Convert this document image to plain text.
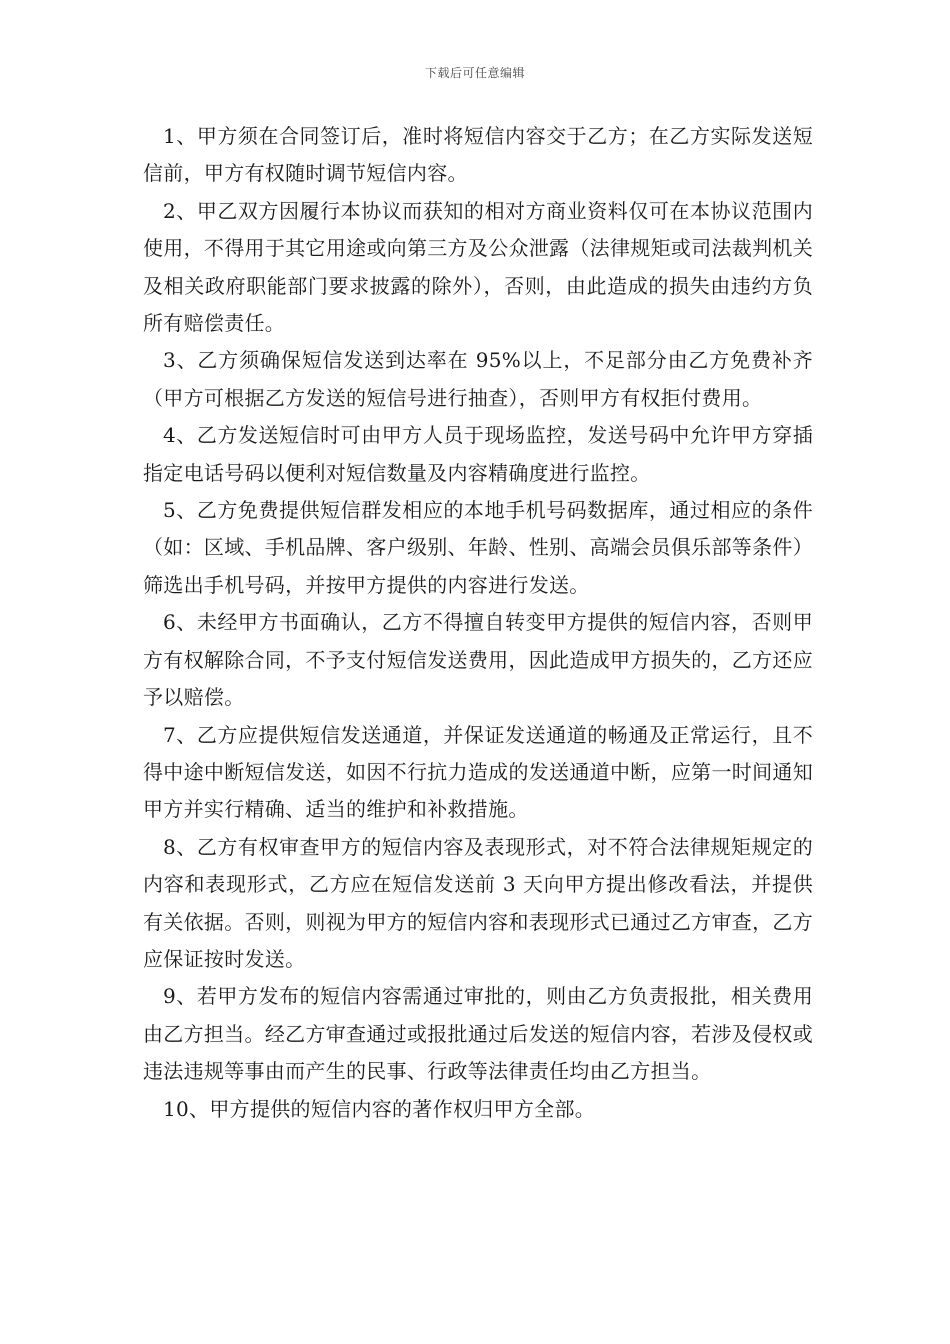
下载后可任意编辑

1、甲方须在合同签订后，准时将短信内容交于乙方；在乙方实际发送短信前，甲方有权随时调节短信内容。

2、甲乙双方因履行本协议而获知的相对方商业资料仅可在本协议范围内使用，不得用于其它用途或向第三方及公众泄露（法律规矩或司法裁判机关及相关政府职能部门要求披露的除外），否则，由此造成的损失由违约方负所有赔偿责任。

3、乙方须确保短信发送到达率在 95%以上，不足部分由乙方免费补齐（甲方可根据乙方发送的短信号进行抽查），否则甲方有权拒付费用。

4、乙方发送短信时可由甲方人员于现场监控，发送号码中允许甲方穿插指定电话号码以便利对短信数量及内容精确度进行监控。

5、乙方免费提供短信群发相应的本地手机号码数据库，通过相应的条件（如：区域、手机品牌、客户级别、年龄、性别、高端会员俱乐部等条件）筛选出手机号码，并按甲方提供的内容进行发送。

6、未经甲方书面确认，乙方不得擅自转变甲方提供的短信内容，否则甲方有权解除合同，不予支付短信发送费用，因此造成甲方损失的，乙方还应予以赔偿。

7、乙方应提供短信发送通道，并保证发送通道的畅通及正常运行，且不得中途中断短信发送，如因不行抗力造成的发送通道中断，应第一时间通知甲方并实行精确、适当的维护和补救措施。

8、乙方有权审查甲方的短信内容及表现形式，对不符合法律规矩规定的内容和表现形式，乙方应在短信发送前 3 天向甲方提出修改看法，并提供有关依据。否则，则视为甲方的短信内容和表现形式已通过乙方审查，乙方应保证按时发送。

9、若甲方发布的短信内容需通过审批的，则由乙方负责报批，相关费用由乙方担当。经乙方审查通过或报批通过后发送的短信内容，若涉及侵权或违法违规等事由而产生的民事、行政等法律责任均由乙方担当。

10、甲方提供的短信内容的著作权归甲方全部。
